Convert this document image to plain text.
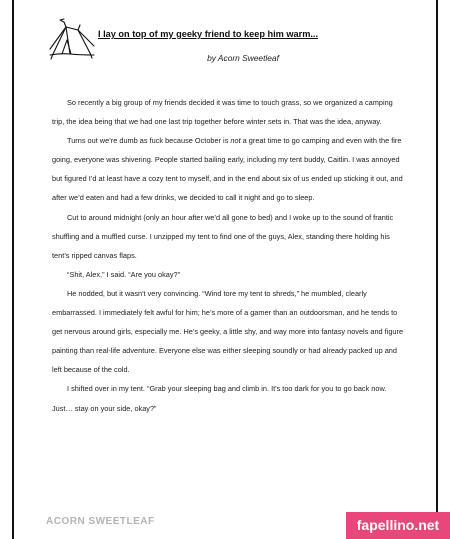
I lay on top of my geeky friend to keep him warm...
by Acorn Sweetleaf

So recently a big group of my friends decided it was time to touch grass, so we organized a camping trip, the idea being that we had one last trip together before winter sets in. That was the idea, anyway.

Turns out we’re dumb as fuck because October is not a great time to go camping and even with the fire going, everyone was shivering. People started bailing early, including my tent buddy, Caitlin. I was annoyed but figured I’d at least have a cozy tent to myself, and in the end about six of us ended up sticking it out, and after we’d eaten and had a few drinks, we decided to call it night and go to sleep.

Cut to around midnight (only an hour after we’d all gone to bed) and I woke up to the sound of frantic shuffling and a muffled curse. I unzipped my tent to find one of the guys, Alex, standing there holding his tent’s ripped canvas flaps.

“Shit, Alex,” I said. “Are you okay?”

He nodded, but it wasn't very convincing. “Wind tore my tent to shreds,” he mumbled, clearly embarrassed. I immediately felt awful for him; he’s more of a gamer than an outdoorsman, and he tends to get nervous around girls, especially me. He’s geeky, a little shy, and way more into fantasy novels and figure painting than real-life adventure. Everyone else was either sleeping soundly or had already packed up and left because of the cold.

I shifted over in my tent. “Grab your sleeping bag and climb in. It's too dark for you to go back now. Just… stay on your side, okay?”

ACORN SWEETLEAF	fapellino.net
